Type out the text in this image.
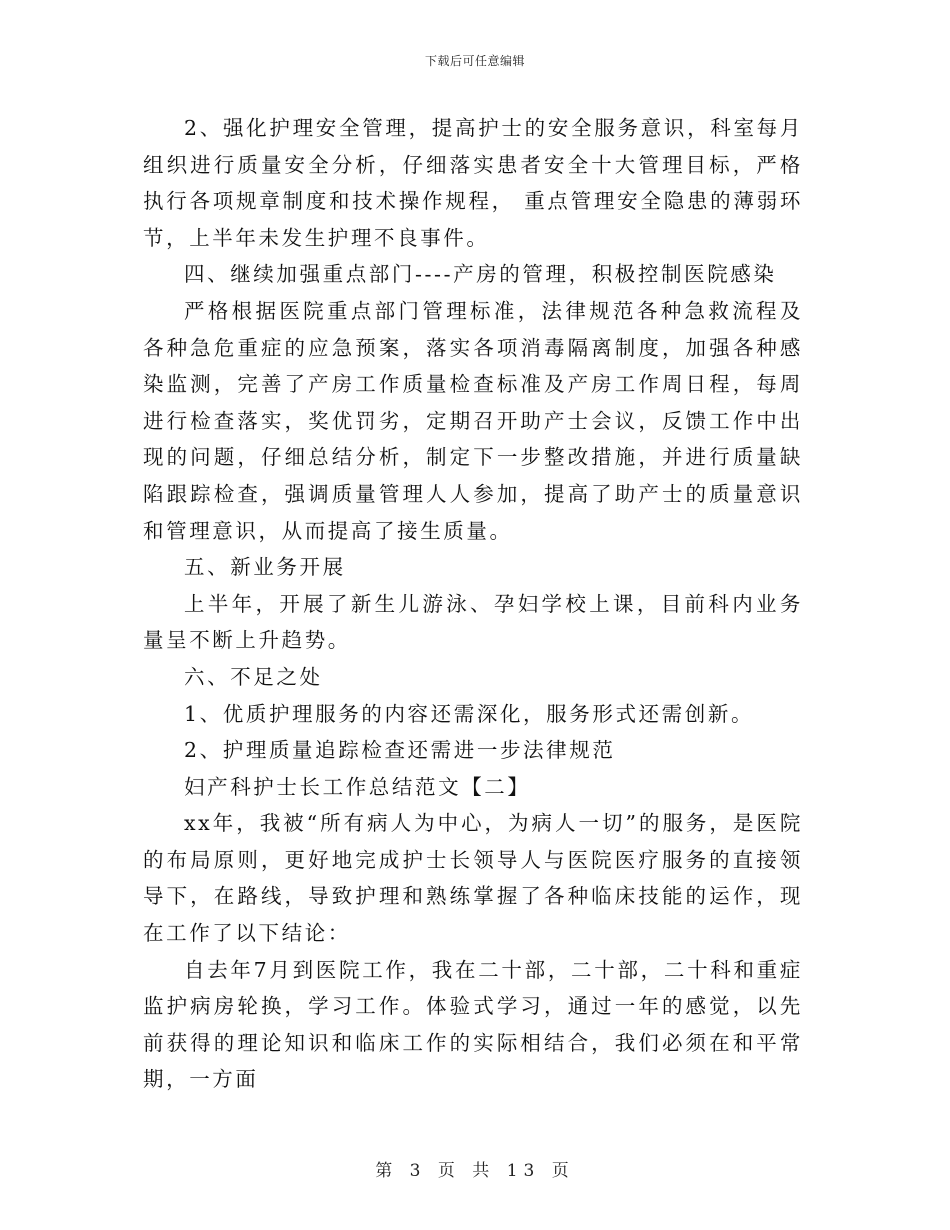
下载后可任意编辑

2、强化护理安全管理，提高护士的安全服务意识，科室每月组织进行质量安全分析，仔细落实患者安全十大管理目标，严格执行各项规章制度和技术操作规程， 重点管理安全隐患的薄弱环节，上半年未发生护理不良事件。

四、继续加强重点部门----产房的管理，积极控制医院感染

严格根据医院重点部门管理标准，法律规范各种急救流程及各种急危重症的应急预案，落实各项消毒隔离制度，加强各种感染监测，完善了产房工作质量检查标准及产房工作周日程，每周进行检查落实，奖优罚劣，定期召开助产士会议，反馈工作中出现的问题，仔细总结分析，制定下一步整改措施，并进行质量缺陷跟踪检查，强调质量管理人人参加，提高了助产士的质量意识和管理意识，从而提高了接生质量。

五、新业务开展

上半年，开展了新生儿游泳、孕妇学校上课，目前科内业务量呈不断上升趋势。

六、不足之处

1、优质护理服务的内容还需深化，服务形式还需创新。

2、护理质量追踪检查还需进一步法律规范

妇产科护士长工作总结范文【二】

xx年，我被“所有病人为中心，为病人一切”的服务，是医院的布局原则，更好地完成护士长领导人与医院医疗服务的直接领导下，在路线，导致护理和熟练掌握了各种临床技能的运作，现在工作了以下结论：

自去年7月到医院工作，我在二十部，二十部，二十科和重症监护病房轮换，学习工作。体验式学习，通过一年的感觉，以先前获得的理论知识和临床工作的实际相结合，我们必须在和平常期，一方面

第 3 页 共 13 页
